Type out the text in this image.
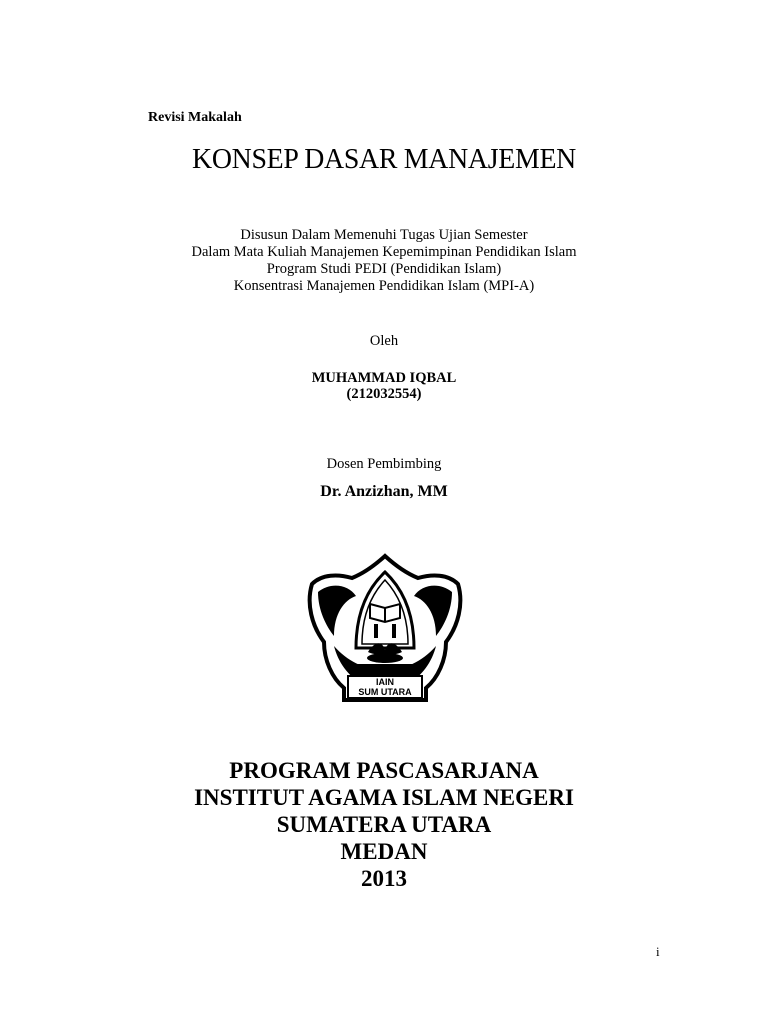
Revisi Makalah
KONSEP DASAR MANAJEMEN
Disusun Dalam Memenuhi Tugas Ujian Semester
Dalam Mata Kuliah Manajemen Kepemimpinan Pendidikan Islam
Program Studi PEDI (Pendidikan Islam)
Konsentrasi Manajemen Pendidikan Islam (MPI-A)
Oleh
MUHAMMAD IQBAL
(212032554)
Dosen Pembimbing
Dr. Anzizhan, MM
IAIN
SUM UTARA
PROGRAM PASCASARJANA
INSTITUT AGAMA ISLAM NEGERI
SUMATERA UTARA
MEDAN
2013
i
